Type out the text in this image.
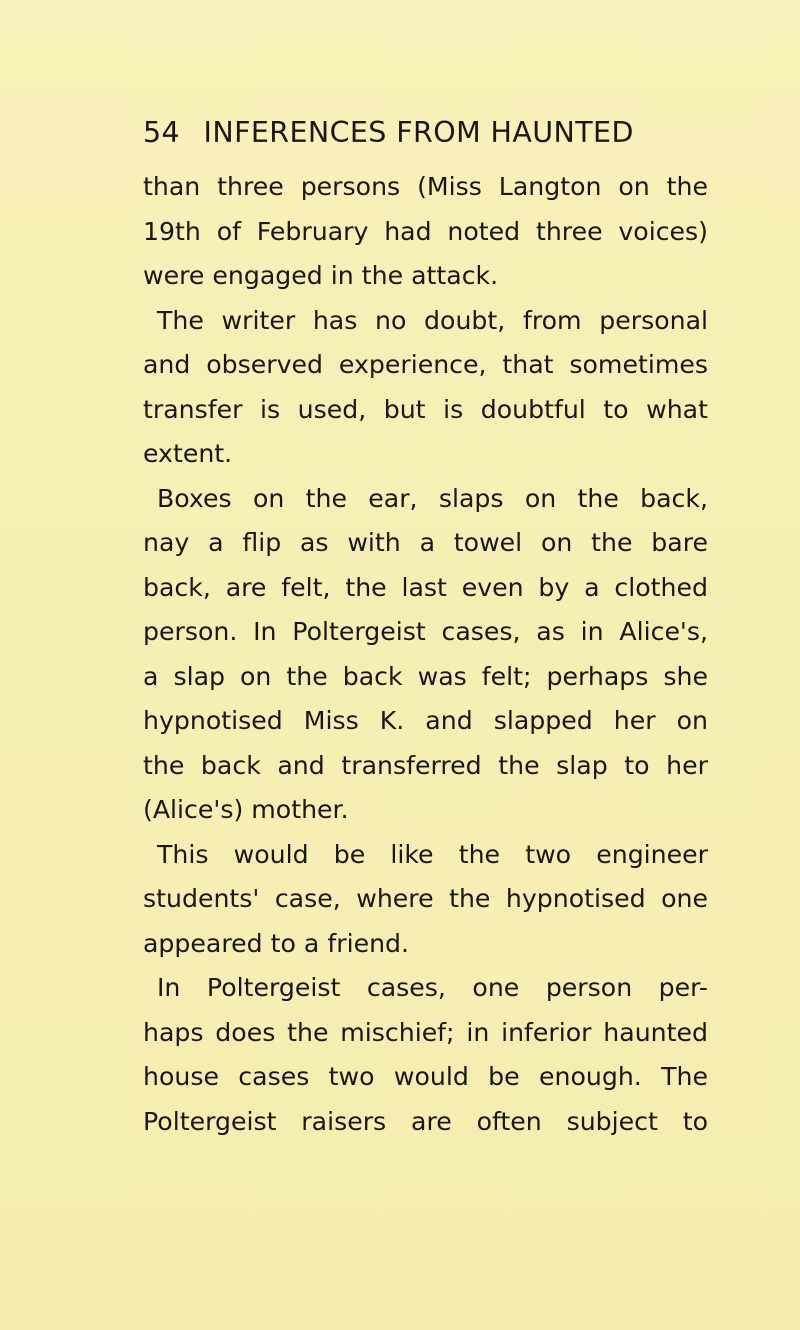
54 INFERENCES FROM HAUNTED
than three persons (Miss Langton on the
19th of February had noted three voices)
were engaged in the attack.
The writer has no doubt, from personal
and observed experience, that sometimes
transfer is used, but is doubtful to what
extent.
Boxes on the ear, slaps on the back,
nay a flip as with a towel on the bare
back, are felt, the last even by a clothed
person. In Poltergeist cases, as in Alice's,
a slap on the back was felt; perhaps she
hypnotised Miss K. and slapped her on
the back and transferred the slap to her
(Alice's) mother.
This would be like the two engineer
students' case, where the hypnotised one
appeared to a friend.
In Poltergeist cases, one person per-
haps does the mischief; in inferior haunted
house cases two would be enough. The
Poltergeist raisers are often subject to
